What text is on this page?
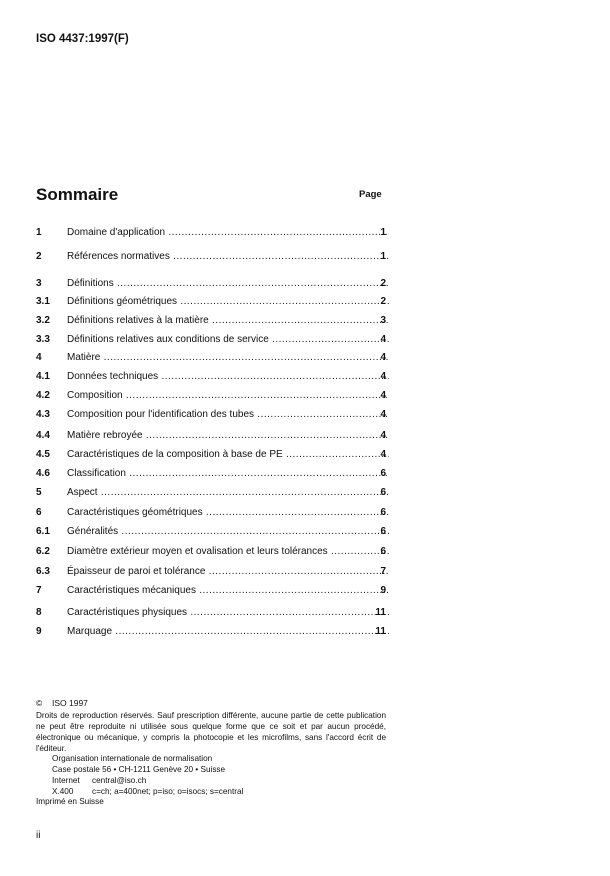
ISO 4437:1997(F)
Sommaire	Page
1	Domaine d'application .....	1
2	Références normatives .....	1
3	Définitions .....	2
3.1 Définitions géométriques .....	2
3.2 Définitions relatives à la matière .....	3
3.3 Définitions relatives aux conditions de service .....	4
4	Matière .....	4
4.1 Données techniques .....	4
4.2 Composition .....	4
4.3 Composition pour l'identification des tubes .....	4
4.4 Matière rebroyée .....	4
4.5 Caractéristiques de la composition à base de PE .....	4
4.6 Classification .....	6
5	Aspect .....	6
6	Caractéristiques géométriques .....	6
6.1 Généralités .....	6
6.2 Diamètre extérieur moyen et ovalisation et leurs tolérances .....	6
6.3 Épaisseur de paroi et tolérance .....	7
7	Caractéristiques mécaniques .....	9
8	Caractéristiques physiques .....	11
9	Marquage .....	11
© ISO 1997
Droits de reproduction réservés. Sauf prescription différente, aucune partie de cette publication ne peut être reproduite ni utilisée sous quelque forme que ce soit et par aucun procédé, électronique ou mécanique, y compris la photocopie et les microfilms, sans l'accord écrit de l'éditeur.
Organisation internationale de normalisation
Case postale 56 • CH-1211 Genève 20 • Suisse
Internet central@iso.ch
X.400 c=ch; a=400net; p=iso; o=isocs; s=central
Imprimé en Suisse
ii
